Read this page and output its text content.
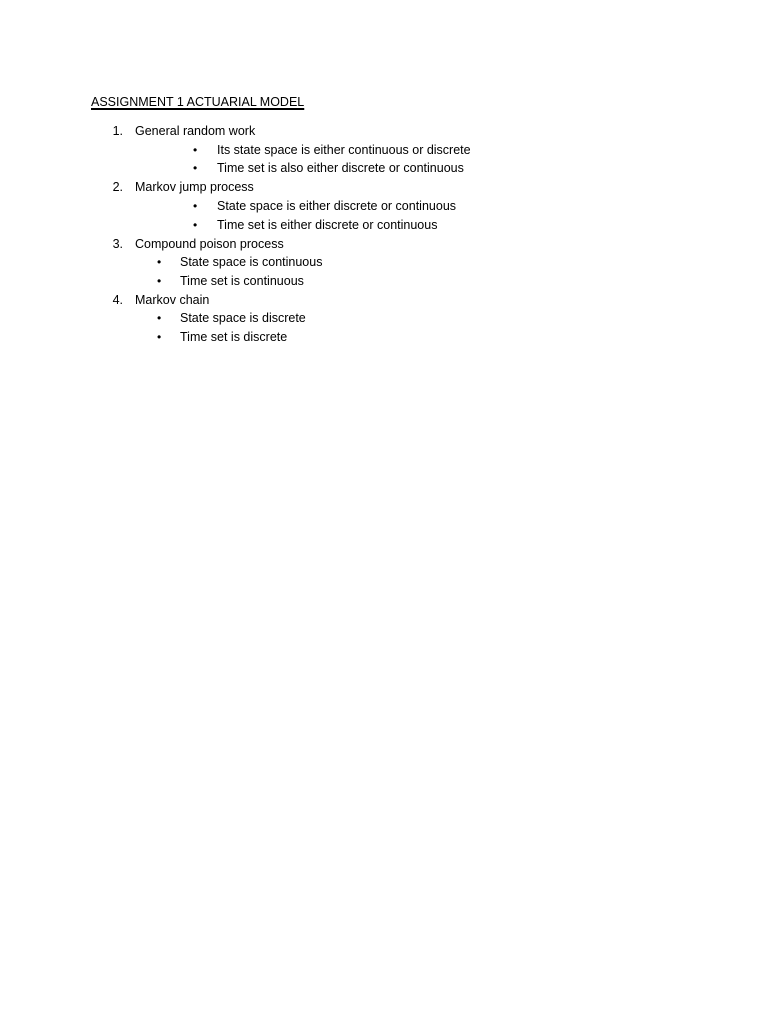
ASSIGNMENT 1 ACTUARIAL MODEL
1. General random work
• Its state space is either continuous or discrete
• Time set is also either discrete or continuous
2. Markov jump process
• State space is either discrete or continuous
• Time set is either discrete or continuous
3. Compound poison process
• State space is continuous
• Time set is continuous
4. Markov chain
• State space is discrete
• Time set is discrete
